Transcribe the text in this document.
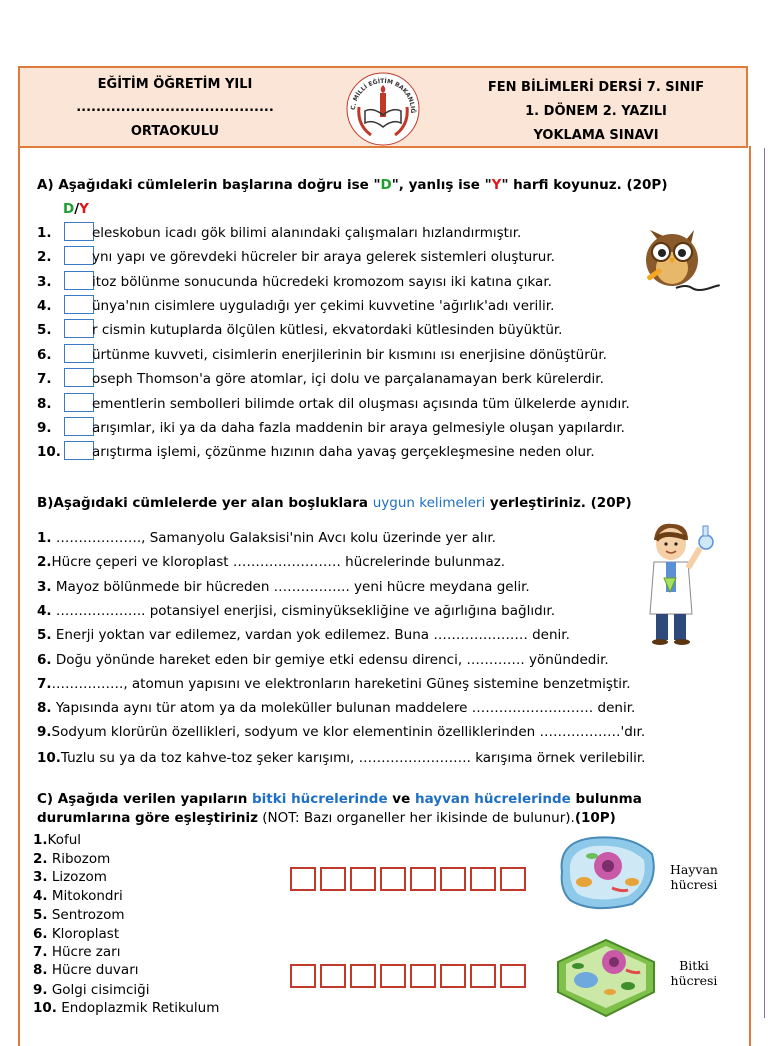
EĞİTİM ÖĞRETİM YILI
........................................
ORTAOKULU
C. MİLLİ EĞİTİM BAKANLIĞ
FEN BİLİMLERİ DERSİ 7. SINIF
1. DÖNEM 2. YAZILI
YOKLAMA SINAVI
A) Aşağıdaki cümlelerin başlarına doğru ise "D", yanlış ise "Y" harfi koyunuz. (20P)
D/Y
1.	eleskobun icadı gök bilimi alanındaki çalışmaları hızlandırmıştır.
2.	ynı yapı ve görevdeki hücreler bir araya gelerek sistemleri oluşturur.
3.	itoz bölünme sonucunda hücredeki kromozom sayısı iki katına çıkar.
4.	ünya'nın cisimlere uyguladığı yer çekimi kuvvetine 'ağırlık'adı verilir.
5.	r cismin kutuplarda ölçülen kütlesi, ekvatordaki kütlesinden büyüktür.
6.	ürtünme kuvveti, cisimlerin enerjilerinin bir kısmını ısı enerjisine dönüştürür.
7.	oseph Thomson'a göre atomlar, içi dolu ve parçalanamayan berk kürelerdir.
8.	ementlerin sembolleri bilimde ortak dil oluşması açısında tüm ülkelerde aynıdır.
9.	arışımlar, iki ya da daha fazla maddenin bir araya gelmesiyle oluşan yapılardır.
10. arıştırma işlemi, çözünme hızının daha yavaş gerçekleşmesine neden olur.
B)Aşağıdaki cümlelerde yer alan boşluklara uygun kelimeleri yerleştiriniz. (20P)
1. ………………., Samanyolu Galaksisi'nin Avcı kolu üzerinde yer alır.
2.Hücre çeperi ve kloroplast …………………… hücrelerinde bulunmaz.
3. Mayoz bölünmede bir hücreden …………….. yeni hücre meydana gelir.
4. ……………….. potansiyel enerjisi, cisminyüksekliğine ve ağırlığına bağlıdır.
5. Enerji yoktan var edilemez, vardan yok edilemez. Buna ………………… denir.
6. Doğu yönünde hareket eden bir gemiye etki edensu direnci, …………. yönündedir.
7.……………., atomun yapısını ve elektronların hareketini Güneş sistemine benzetmiştir.
8. Yapısında aynı tür atom ya da moleküller bulunan maddelere ……………………… denir.
9.Sodyum klorürün özellikleri, sodyum ve klor elementinin özelliklerinden ………………'dır.
10.Tuzlu su ya da toz kahve-toz şeker karışımı, ……………………. karışıma örnek verilebilir.
C) Aşağıda verilen yapıların bitki hücrelerinde ve hayvan hücrelerinde bulunma
durumlarına göre eşleştiriniz (NOT: Bazı organeller her ikisinde de bulunur).(10P)
1.Koful
2. Ribozom
3. Lizozom
4. Mitokondri
5. Sentrozom
6. Kloroplast
7. Hücre zarı
8. Hücre duvarı
9. Golgi cisimciği
10. Endoplazmik Retikulum
Hayvan
hücresi
Bitki
hücresi
